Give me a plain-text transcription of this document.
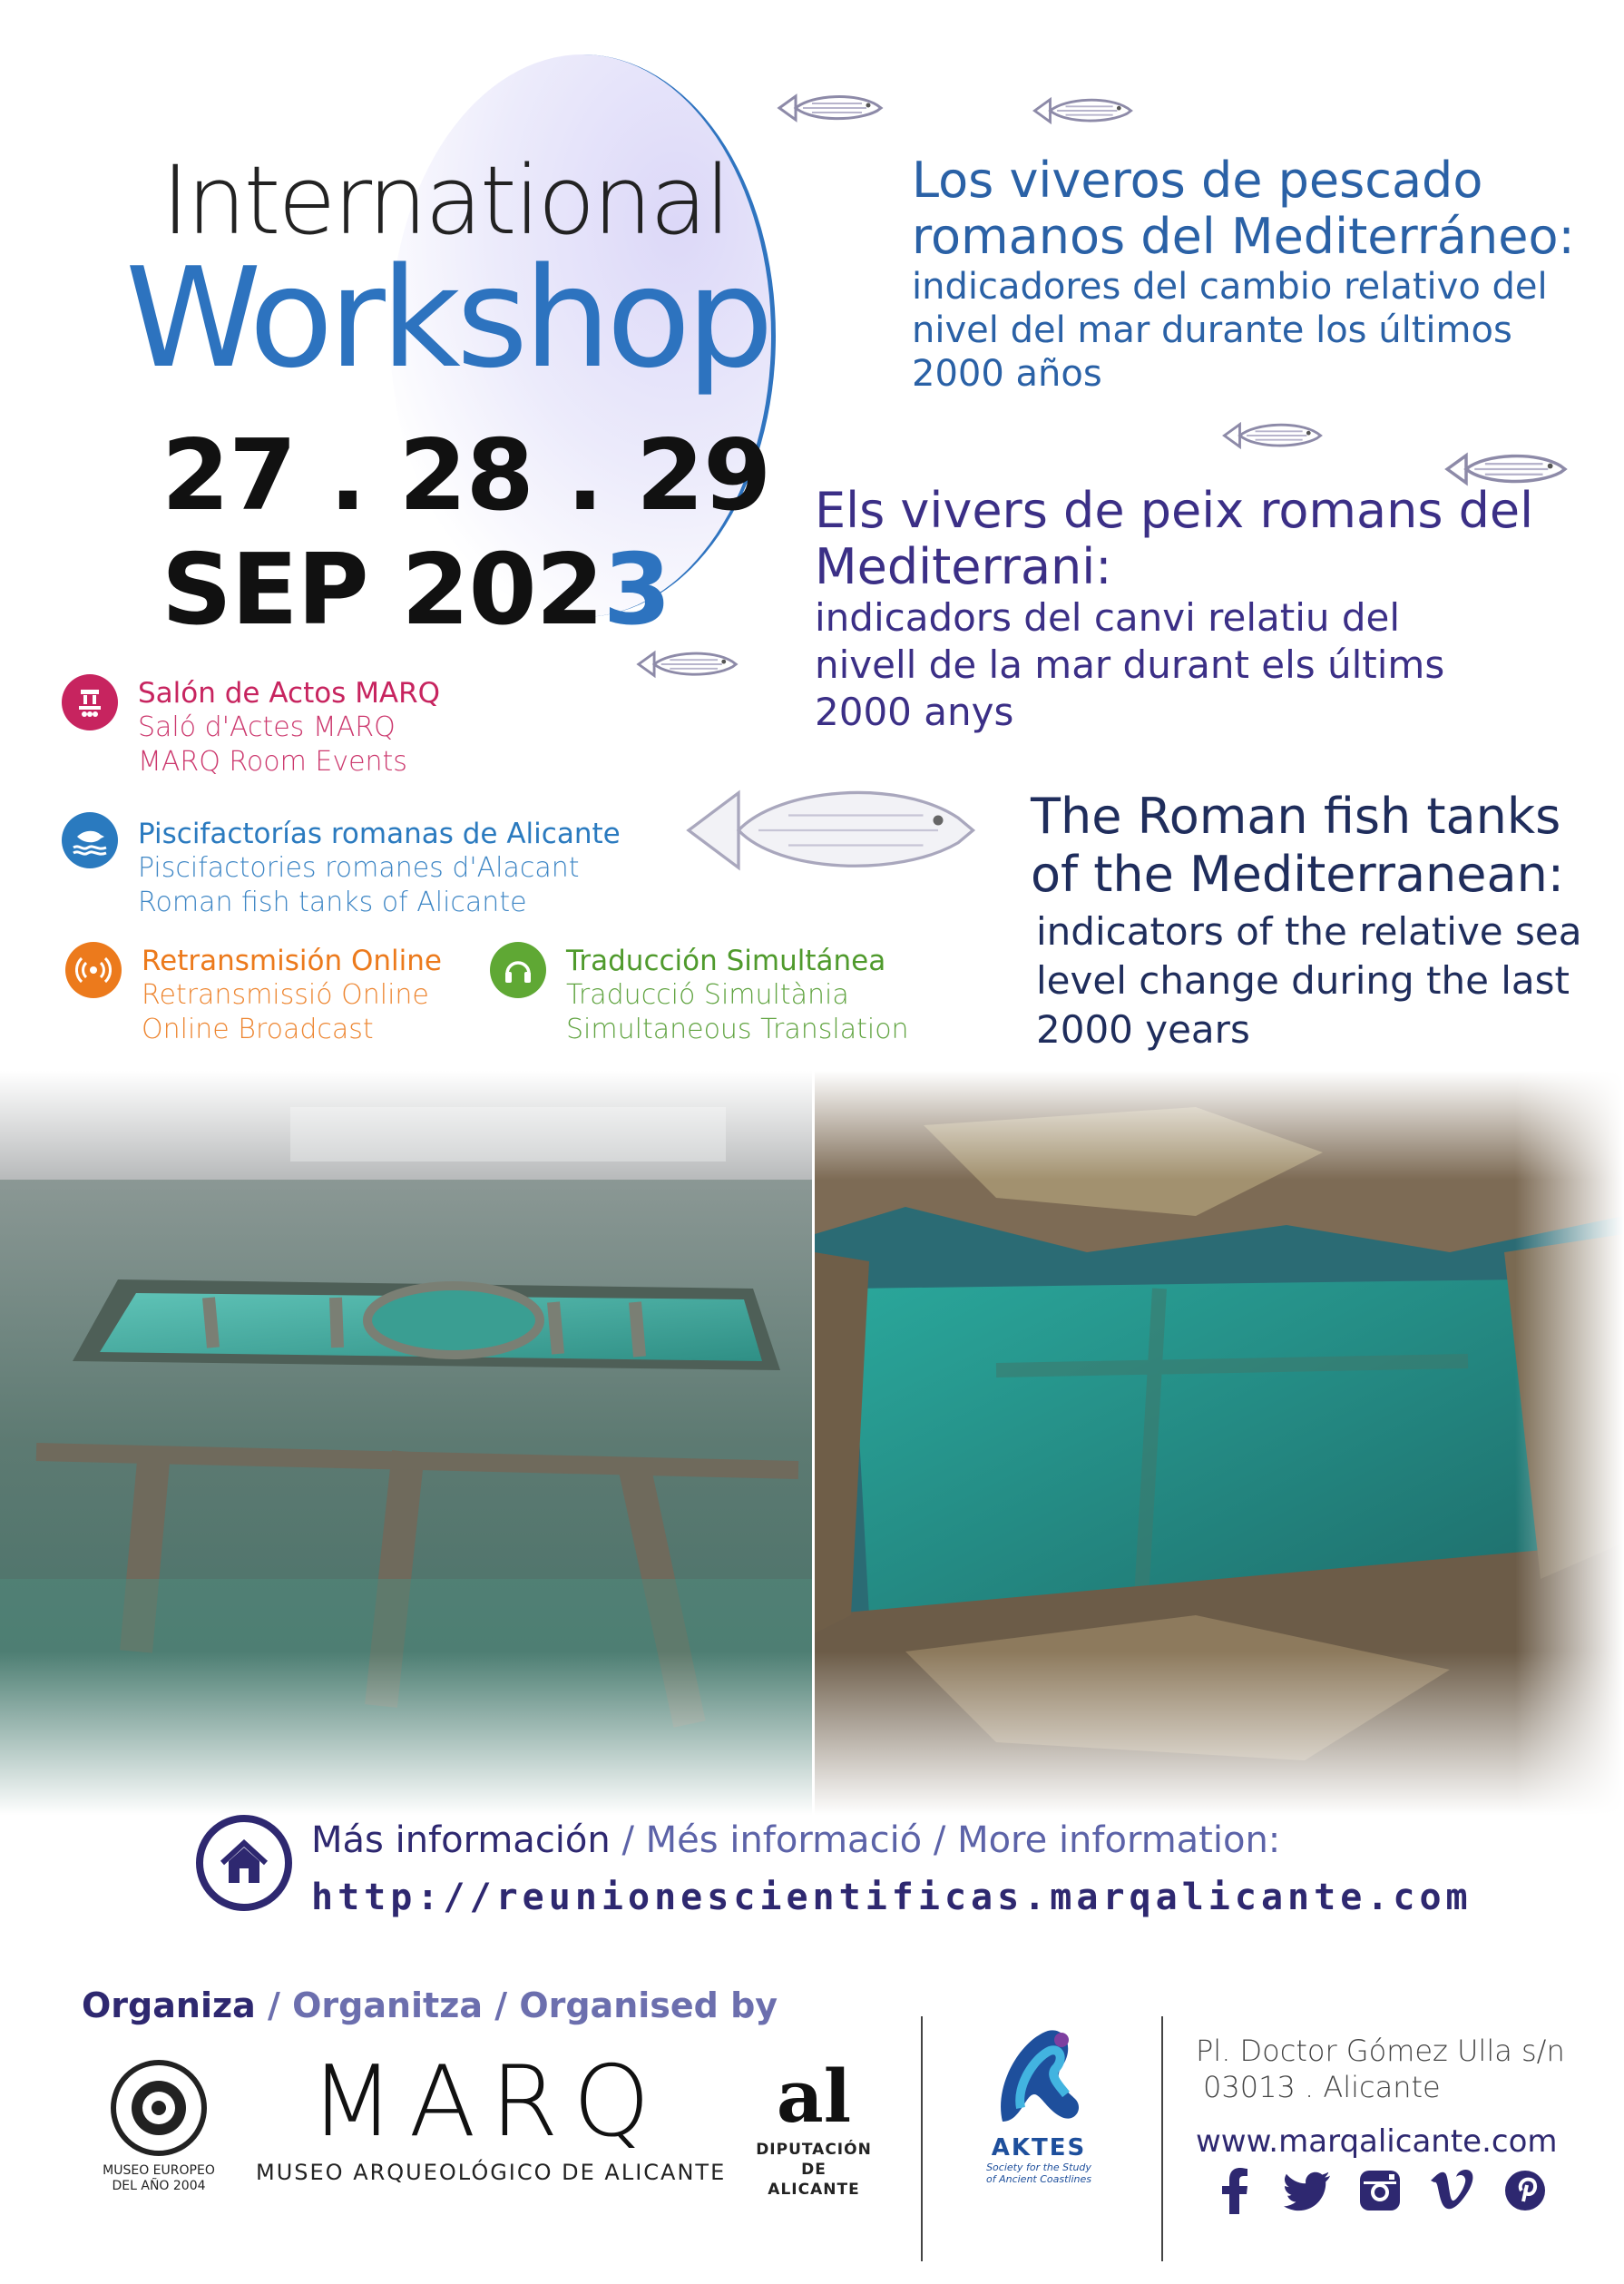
International
Workshop
27 . 28 . 29
SEP 2023
Los viveros de pescado romanos del Mediterráneo:
indicadores del cambio relativo del nivel del mar durante los últimos 2000 años
Els vivers de peix romans del Mediterrani:
indicadors del canvi relatiu del nivell de la mar durant els últims 2000 anys
The Roman fish tanks of the Mediterranean:
indicators of the relative sea level change during the last 2000 years
Salón de Actos MARQ
Saló d'Actes MARQ
MARQ Room Events
Piscifactorías romanas de Alicante
Piscifactories romanes d'Alacant
Roman fish tanks of Alicante
Retransmisión Online
Retransmissió Online
Online Broadcast
Traducción Simultánea
Traducció Simultània
Simultaneous Translation
Más información / Més informació / More information:
http://reunionescientificas.marqalicante.com
Organiza / Organitza / Organised by
MUSEO EUROPEO
DEL AÑO 2004
MARQ
MUSEO ARQUEOLÓGICO DE ALICANTE
al
DIPUTACIÓN
DE ALICANTE
AKTES
Society for the Study
of Ancient Coastlines
Pl. Doctor Gómez Ulla s/n
03013 . Alicante
www.marqalicante.com
